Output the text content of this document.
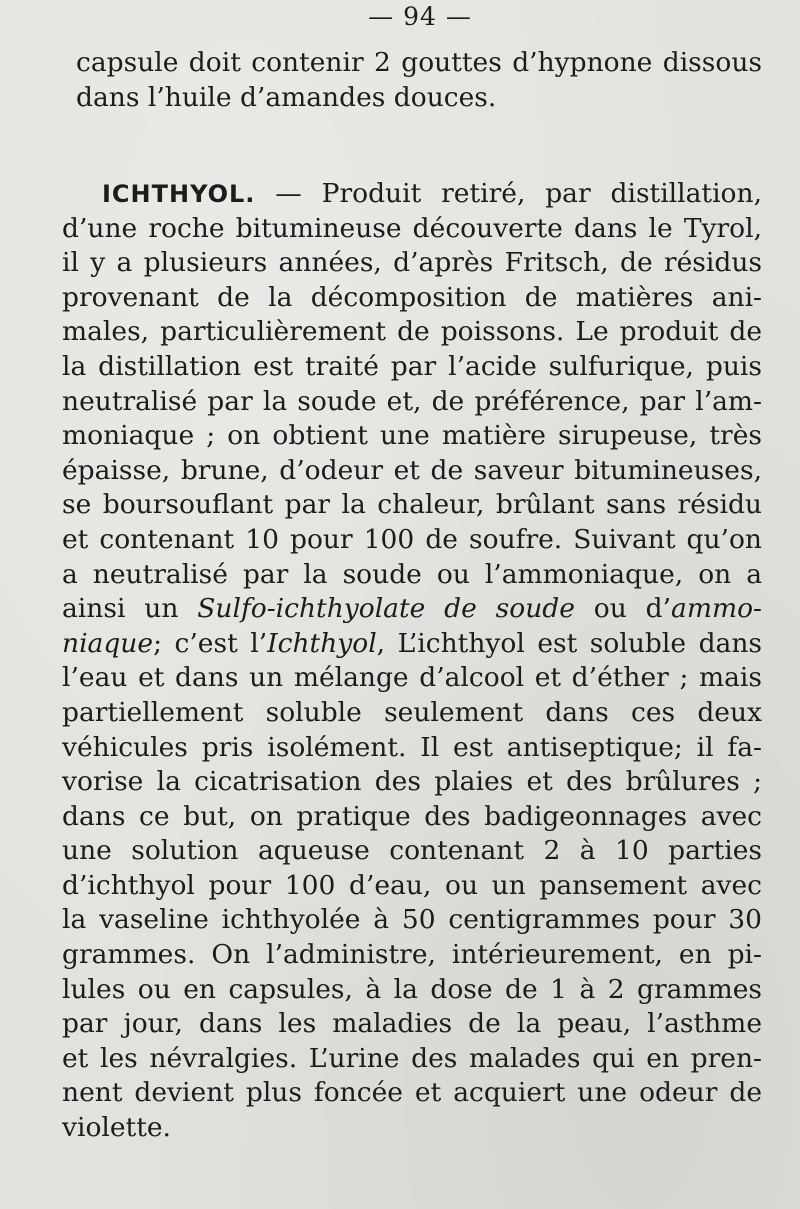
— 94 —
capsule doit contenir 2 gouttes d’hypnone dissous
dans l’huile d’amandes douces.
ICHTHYOL. — Produit retiré, par distillation,
d’une roche bitumineuse découverte dans le Tyrol,
il y a plusieurs années, d’après Fritsch, de résidus
provenant de la décomposition de matières ani-
males, particulièrement de poissons. Le produit de
la distillation est traité par l’acide sulfurique, puis
neutralisé par la soude et, de préférence, par l’am-
moniaque ; on obtient une matière sirupeuse, très
épaisse, brune, d’odeur et de saveur bitumineuses,
se boursouflant par la chaleur, brûlant sans résidu
et contenant 10 pour 100 de soufre. Suivant qu’on
a neutralisé par la soude ou l’ammoniaque, on a
ainsi un Sulfo-ichthyolate de soude ou d’ammo-
niaque; c’est l’Ichthyol, L’ichthyol est soluble dans
l’eau et dans un mélange d’alcool et d’éther ; mais
partiellement soluble seulement dans ces deux
véhicules pris isolément. Il est antiseptique; il fa-
vorise la cicatrisation des plaies et des brûlures ;
dans ce but, on pratique des badigeonnages avec
une solution aqueuse contenant 2 à 10 parties
d’ichthyol pour 100 d’eau, ou un pansement avec
la vaseline ichthyolée à 50 centigrammes pour 30
grammes. On l’administre, intérieurement, en pi-
lules ou en capsules, à la dose de 1 à 2 grammes
par jour, dans les maladies de la peau, l’asthme
et les névralgies. L’urine des malades qui en pren-
nent devient plus foncée et acquiert une odeur de
violette.
